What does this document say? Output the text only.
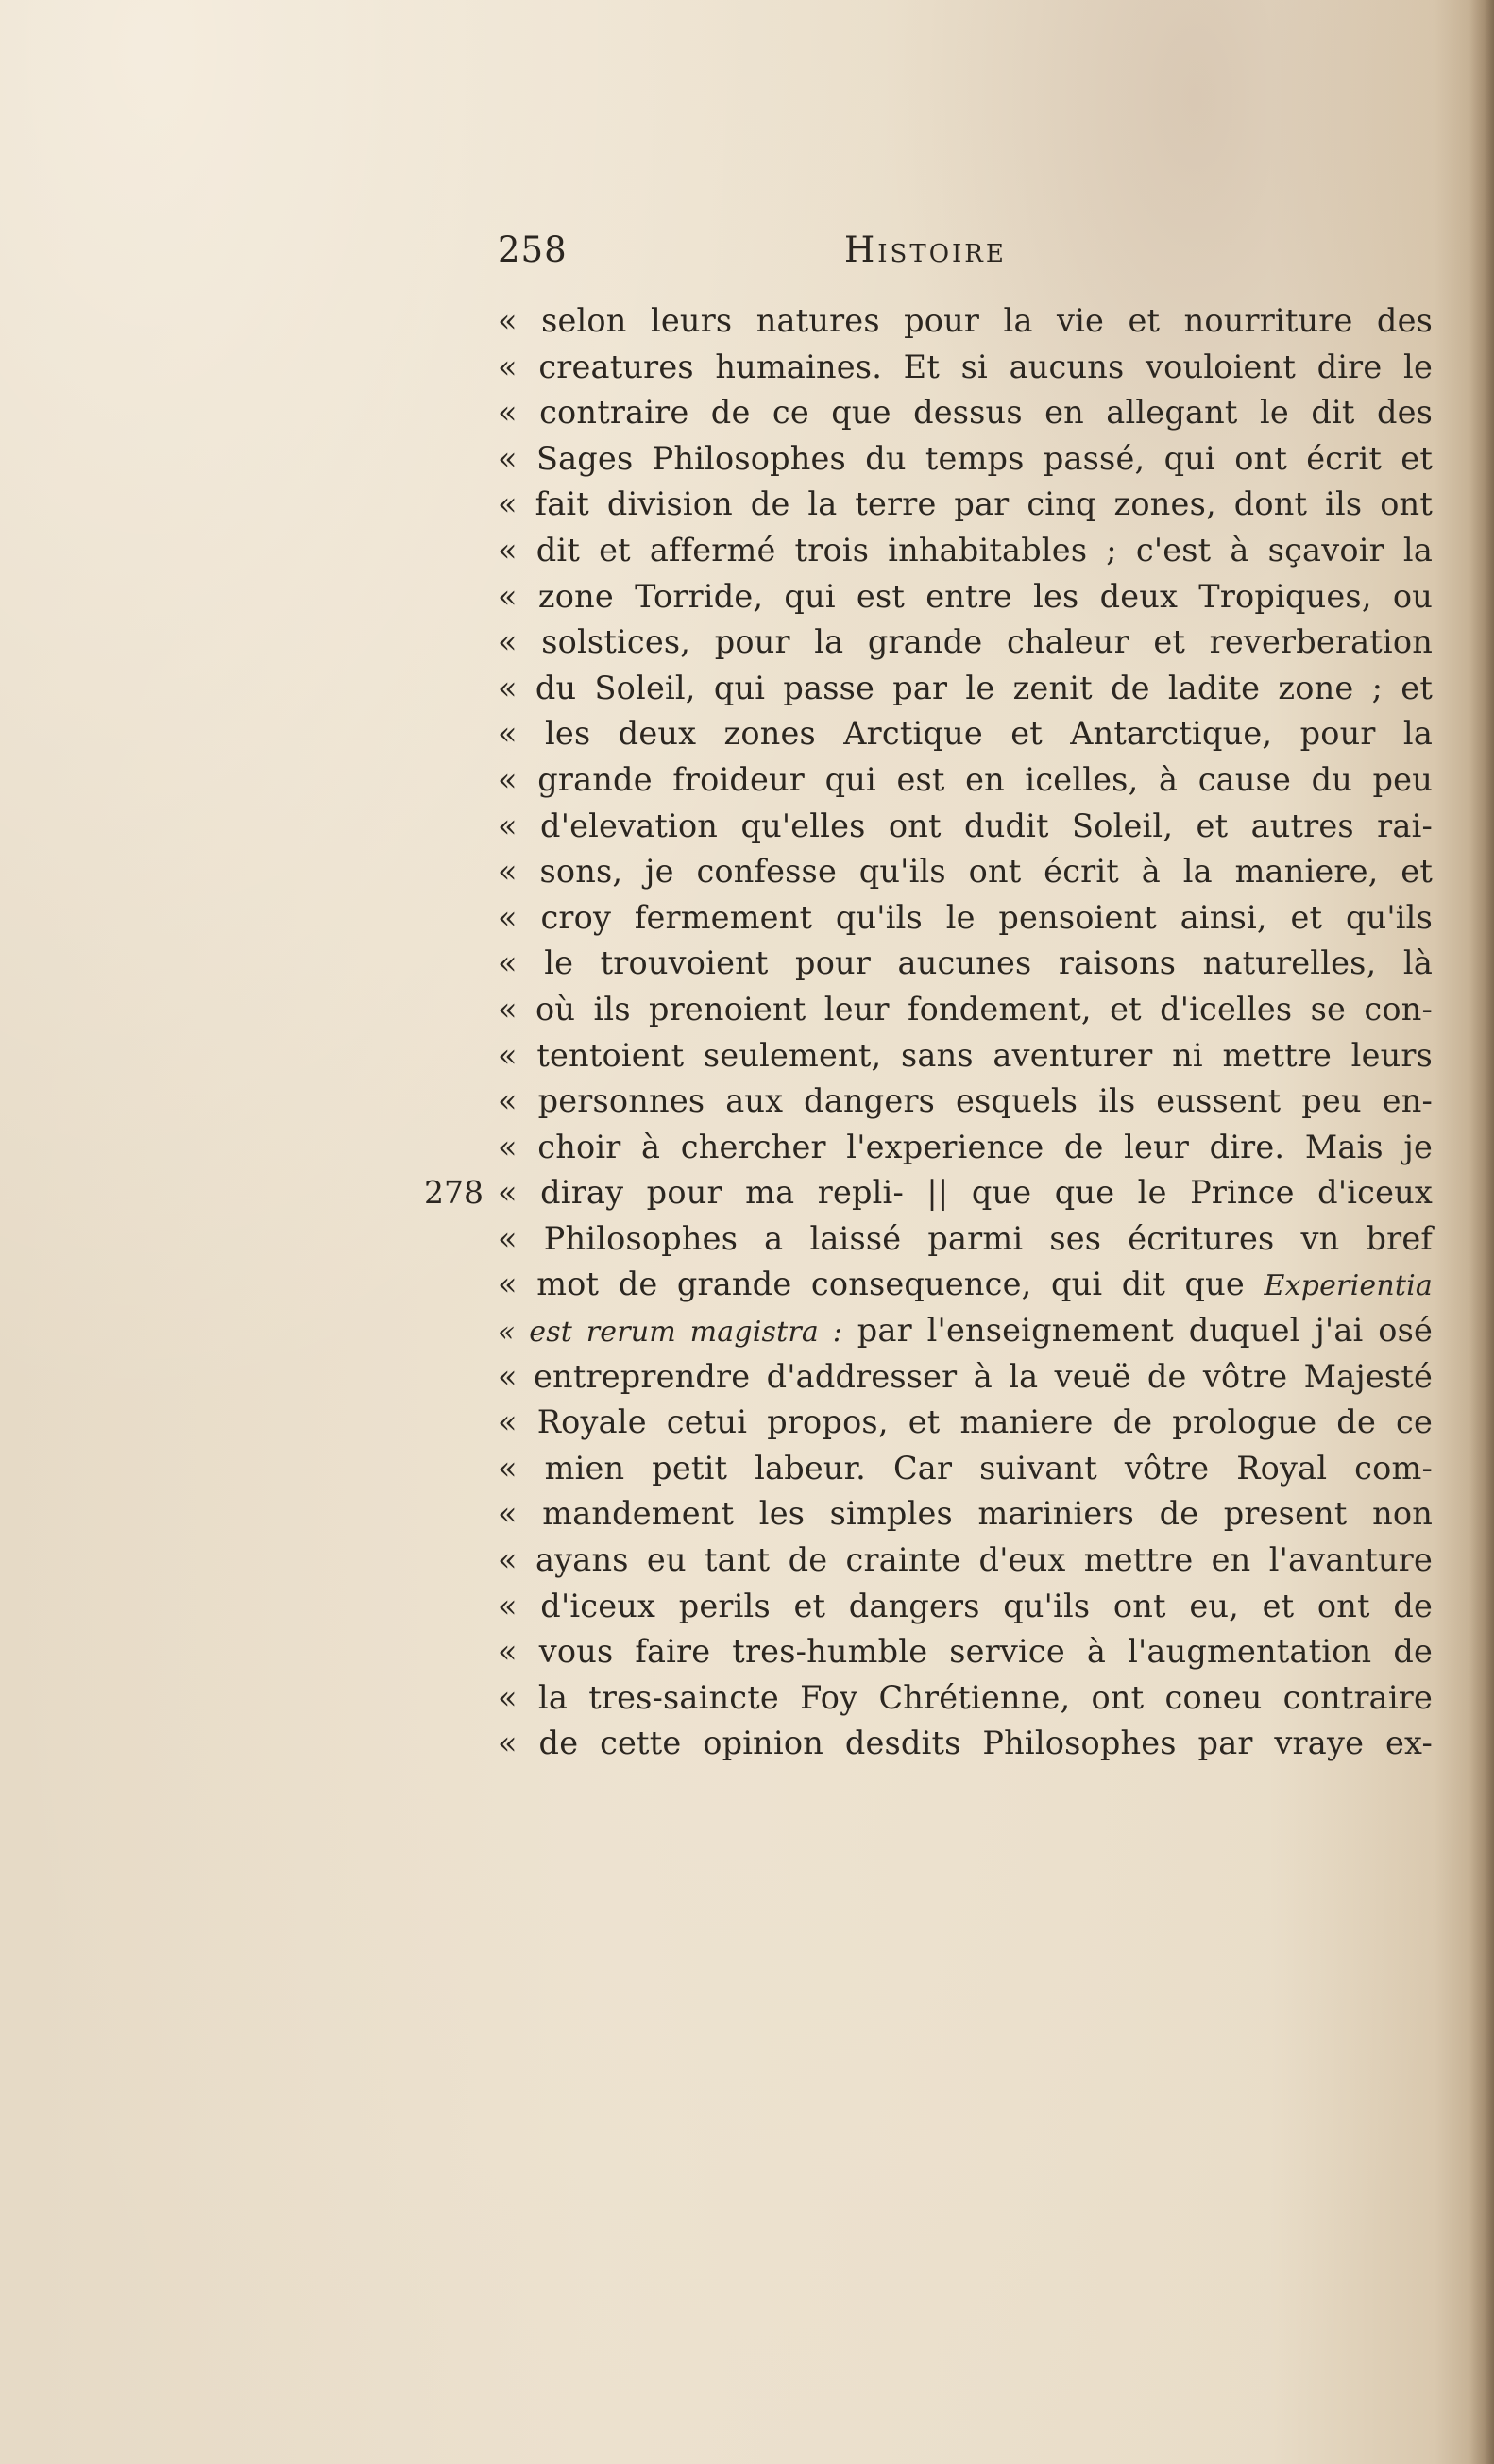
258	Histoire
278
« selon leurs natures pour la vie et nourriture des
« creatures humaines. Et si aucuns vouloient dire le
« contraire de ce que dessus en allegant le dit des
« Sages Philosophes du temps passé, qui ont écrit et
« fait division de la terre par cinq zones, dont ils ont
« dit et affermé trois inhabitables ; c'est à sçavoir la
« zone Torride, qui est entre les deux Tropiques, ou
« solstices, pour la grande chaleur et reverberation
« du Soleil, qui passe par le zenit de ladite zone ; et
« les deux zones Arctique et Antarctique, pour la
« grande froideur qui est en icelles, à cause du peu
« d'elevation qu'elles ont dudit Soleil, et autres rai-
« sons, je confesse qu'ils ont écrit à la maniere, et
« croy fermement qu'ils le pensoient ainsi, et qu'ils
« le trouvoient pour aucunes raisons naturelles, là
« où ils prenoient leur fondement, et d'icelles se con-
« tentoient seulement, sans aventurer ni mettre leurs
« personnes aux dangers esquels ils eussent peu en-
« choir à chercher l'experience de leur dire. Mais je
« diray pour ma repli- || que que le Prince d'iceux
« Philosophes a laissé parmi ses écritures vn bref
« mot de grande consequence, qui dit que Experientia
« est rerum magistra : par l'enseignement duquel j'ai osé
« entreprendre d'addresser à la veuë de vôtre Majesté
« Royale cetui propos, et maniere de prologue de ce
« mien petit labeur. Car suivant vôtre Royal com-
« mandement les simples mariniers de present non
« ayans eu tant de crainte d'eux mettre en l'avanture
« d'iceux perils et dangers qu'ils ont eu, et ont de
« vous faire tres-humble service à l'augmentation de
« la tres-saincte Foy Chrétienne, ont coneu contraire
« de cette opinion desdits Philosophes par vraye ex-
